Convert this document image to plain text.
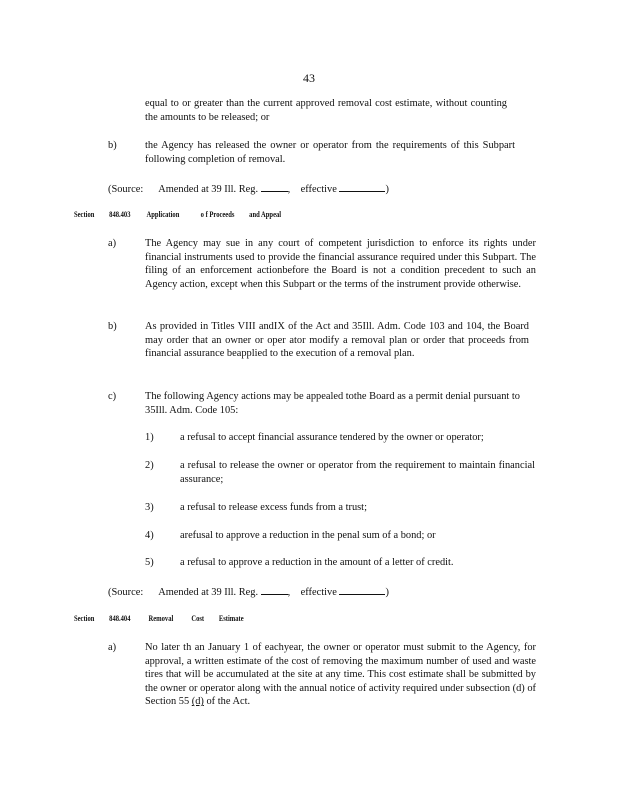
43
equal to or greater than the current approved removal cost estimate, without counting the amounts to be released; or
b)	the Agency has released the owner or operator from the requirements of this Subpart following completion of removal.
(Source: Amended at 39 Ill. Reg.	, effective	)
Section 848.403 Application	o f Proceeds and Appeal
a)	The Agency may sue in any court of competent jurisdiction to enforce its rights under financial instruments used to provide the financial assurance required under this Subpart. The filing of an enforcement actionbefore the Board is not a condition precedent to such an Agency action, except when this Subpart or the terms of the instrument provide otherwise.
b)	As provided in Titles VIII andIX of the Act and 35Ill. Adm. Code 103 and 104, the Board may order that an owner or oper ator modify a removal plan or order that proceeds from financial assurance beapplied to the execution of a removal plan.
c)	The following Agency actions may be appealed tothe Board as a permit denial pursuant to 35Ill. Adm. Code 105:
1)	a refusal to accept financial assurance tendered by the owner or operator;
2)	a refusal to release the owner or operator from the requirement to maintain financial assurance;
3)	a refusal to release excess funds from a trust;
4)	arefusal to approve a reduction in the penal sum of a bond; or
5)	a refusal to approve a reduction in the amount of a letter of credit.
(Source: Amended at 39 Ill. Reg.	, effective	)
Section 848.404 Removal Cost Estimate
a)	No later th an January 1 of eachyear, the owner or operator must submit to the Agency, for approval, a written estimate of the cost of removing the maximum number of used and waste tires that will be accumulated at the site at any time. This cost estimate shall be submitted by the owner or operator along with the annual notice of activity required under subsection (d) of Section 55 (d) of the Act.
